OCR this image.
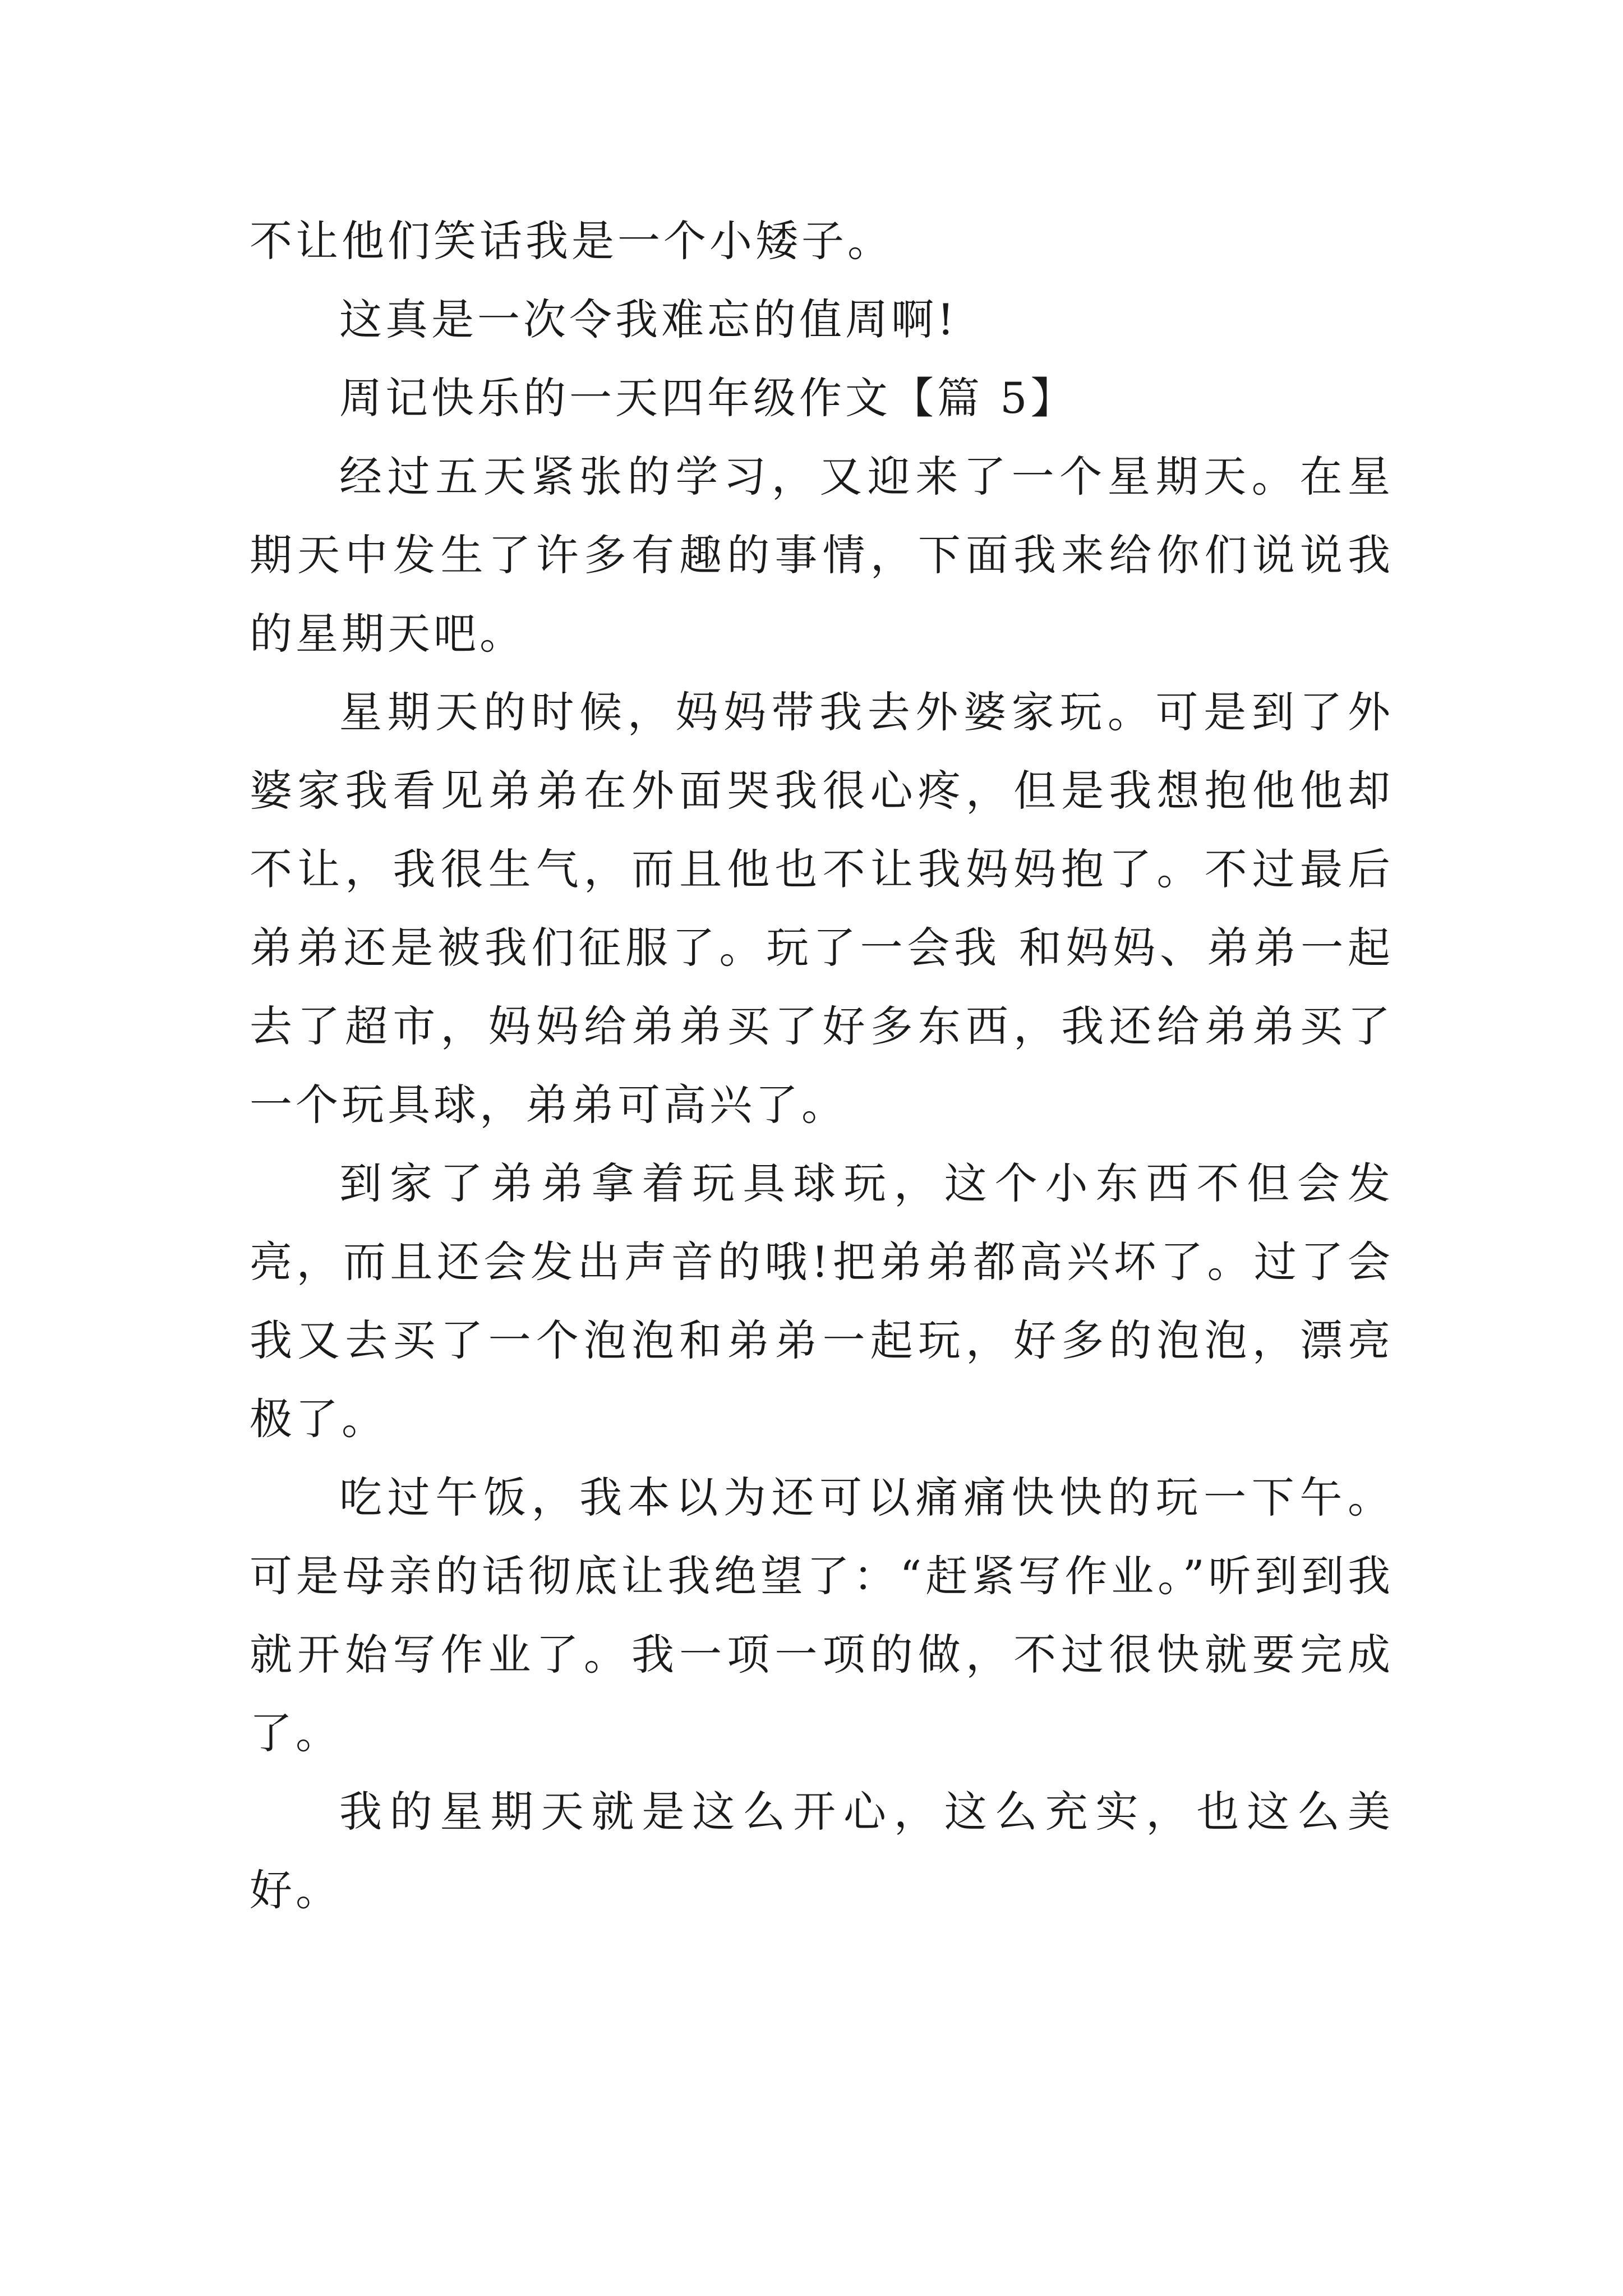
不让他们笑话我是一个小矮子。

这真是一次令我难忘的值周啊!

周记快乐的一天四年级作文【篇 5】

经过五天紧张的学习，又迎来了一个星期天。在星期天中发生了许多有趣的事情，下面我来给你们说说我的星期天吧。

星期天的时候，妈妈带我去外婆家玩。可是到了外婆家我看见弟弟在外面哭我很心疼，但是我想抱他他却不让，我很生气，而且他也不让我妈妈抱了。不过最后弟弟还是被我们征服了。玩了一会我 和妈妈、弟弟一起去了超市，妈妈给弟弟买了好多东西，我还给弟弟买了一个玩具球，弟弟可高兴了。

到家了弟弟拿着玩具球玩，这个小东西不但会发亮，而且还会发出声音的哦!把弟弟都高兴坏了。过了会我又去买了一个泡泡和弟弟一起玩，好多的泡泡，漂亮极了。

吃过午饭，我本以为还可以痛痛快快的玩一下午。可是母亲的话彻底让我绝望了：“赶紧写作业。”听到到我就开始写作业了。我一项一项的做，不过很快就要完成了。

我的星期天就是这么开心，这么充实，也这么美好。
